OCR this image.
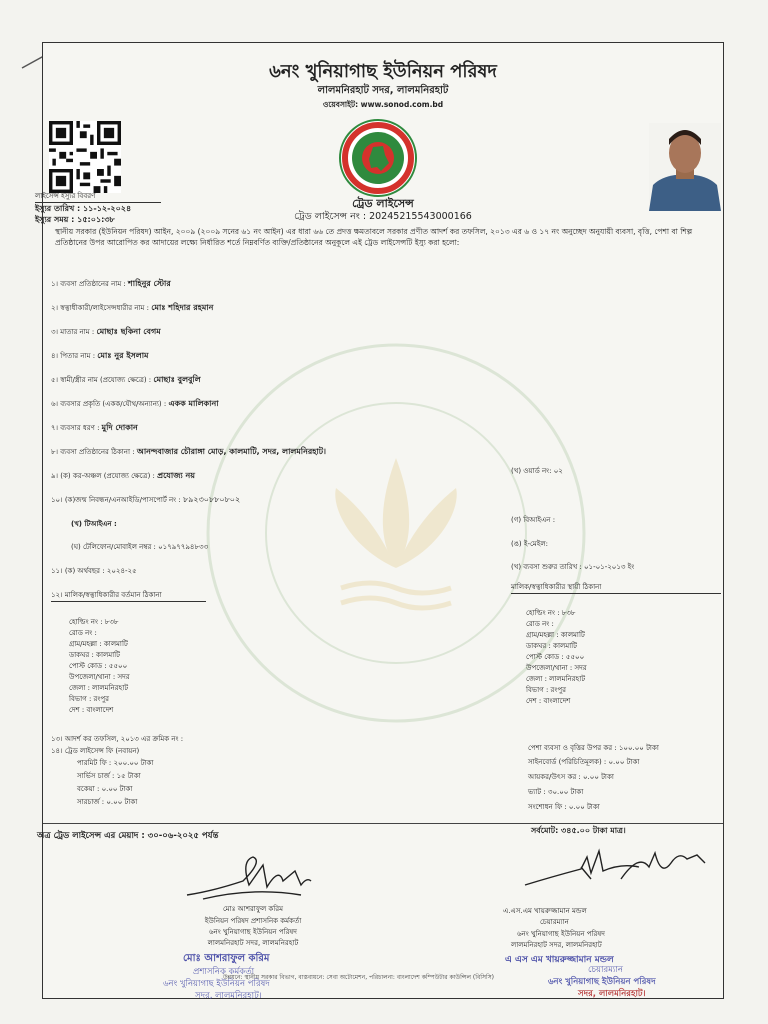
৬নং খুনিয়াগাছ ইউনিয়ন পরিষদ
লালমনিরহাট সদর, লালমনিরহাট
ওয়েবসাইট: www.sonod.com.bd
লাইসেন্স ইস্যুর বিবরণ
ইস্যুর তারিখ : ১১-১২-২০২৪
ইস্যুর সময় : ১৫:০১:৩৮
ট্রেড লাইসেন্স
ট্রেড লাইসেন্স নং : 20245215543000166
স্থানীয় সরকার (ইউনিয়ন পরিষদ) আইন, ২০০৯ (২০০৯ সনের ৬১ নং আইন) এর ধারা ৬৬ তে প্রদত্ত ক্ষমতাবলে সরকার প্রণীত আদর্শ কর তফসিল, ২০১৩ এর ৬ ও ১৭ নং অনুচ্ছেদ অনুযায়ী ব্যবসা, বৃত্তি, পেশা বা শিল্প প্রতিষ্ঠানের উপর আরোপিত কর আদায়ের লক্ষ্যে নির্ধারিত শর্তে নিম্নবর্ণিত ব্যক্তি/প্রতিষ্ঠানের অনুকূলে এই ট্রেড লাইসেন্সটি ইস্যু করা হলো:
১। ব্যবসা প্রতিষ্ঠানের নাম : শাহিনুর স্টোর
২। স্বত্বাধীকারী/লাইসেন্সধারীর নাম : মোঃ শহিদার রহমান
৩। মাতার নাম : মোছাঃ ছকিনা বেগম
৪। পিতার নাম : মোঃ নুর ইসলাম
৫। স্বামী/স্ত্রীর নাম (প্রযোজ্য ক্ষেত্রে) : মোছাঃ বুলবুলি
৬। ব্যবসার প্রকৃতি (একক/যৌথ/অন্যান্য) : একক মালিকানা
৭। ব্যবসার ধরণ : মুদি দোকান
৮। ব্যবসা প্রতিষ্ঠানের ঠিকানা : আনন্দবাজার চৌরাঙ্গা মোড়, কালমাটি, সদর, লালমনিরহাট।
৯। (ক) কর-অঞ্চল (প্রযোজ্য ক্ষেত্রে) : প্রযোজ্য নয়
১০। (ক)জন্ম নিবন্ধন/এনআইডি/পাসপোর্ট নং : ৮৯২৩০৮৮০৮০২
(খ) ওয়ার্ড নং: ০২
(গ) বিআইএন :
(ঙ) ই-মেইল:
(খ) ব্যবসা শুরুর তারিখ : ০১-০১-২০১৩ ইং
(খ) টিআইএন :
(ঘ) টেলিফোন/মোবাইল নম্বর : ০১৭৯৭৭৯৪৮৩৩
১১। (ক) অর্থবছর : ২০২৪-২৫
১২। মালিক/স্বত্বাধিকারীর বর্তমান ঠিকানা
মালিক/স্বত্বাধিকারীর স্থায়ী ঠিকানা
হোল্ডিং নং : ৮৩৮
রোড নং :
গ্রাম/মহল্লা : কালমাটি
ডাকঘর : কালমাটি
পোস্ট কোড : ৫৫০০
উপজেলা/থানা : সদর
জেলা : লালমনিরহাট
বিভাগ : রংপুর
দেশ : বাংলাদেশ
হোল্ডিং নং : ৮৩৮
রোড নং :
গ্রাম/মহল্লা : কালমাটি
ডাকঘর : কালমাটি
পোস্ট কোড : ৫৫০০
উপজেলা/থানা : সদর
জেলা : লালমনিরহাট
বিভাগ : রংপুর
দেশ : বাংলাদেশ
১৩। আদর্শ কর তফসিল, ২০১৩ এর ক্রমিক নং :
১৪। ট্রেড লাইসেন্স ফি (নবায়ন)
পারমিট ফি : ২০০.০০ টাকা
সার্ভিস চার্জ : ১৫ টাকা
বকেয়া : ০.০০ টাকা
সারচার্জ : ০.০০ টাকা
পেশা ব্যবসা ও বৃত্তির উপর কর : ১০০.০০ টাকা
সাইনবোর্ড (পরিচিতিমূলক) : ০.০০ টাকা
আয়কর/উৎস কর : ০.০০ টাকা
ভ্যাট : ৩০.০০ টাকা
সংশোধন ফি : ০.০০ টাকা
অত্র ট্রেড লাইসেন্স এর মেয়াদ : ৩০-০৬-২০২৫ পর্যন্ত
সর্বমোট: ৩৪৫.০০ টাকা মাত্র।
মোঃ আশরাফুল করিম
ইউনিয়ন পরিষদ প্রশাসনিক কর্মকর্তা
৬নং খুনিয়াগাছ ইউনিয়ন পরিষদ
লালমনিরহাট সদর, লালমনিরহাট
এ.এস.এম খায়রুজ্জামান মন্ডল
চেয়ারম্যান
৬নং খুনিয়াগাছ ইউনিয়ন পরিষদ
লালমনিরহাট সদর, লালমনিরহাট
মোঃ আশরাফুল করিম
প্রশাসনিক কর্মকর্তা
৬নং খুনিয়াগাছ ইউনিয়ন পরিষদ
সদর, লালমনিরহাট।
এ এস এম খায়রুজ্জামান মন্ডল
চেয়ারম্যান
৬নং খুনিয়াগাছ ইউনিয়ন পরিষদ
সদর, লালমনিরহাট।
উন্নয়নে: স্থানীয় সরকার বিভাগ, বাস্তবায়নে: সেবা অটোমেশন, পরিচালনা: বাংলাদেশ কম্পিউটার কাউন্সিল (বিসিসি)
